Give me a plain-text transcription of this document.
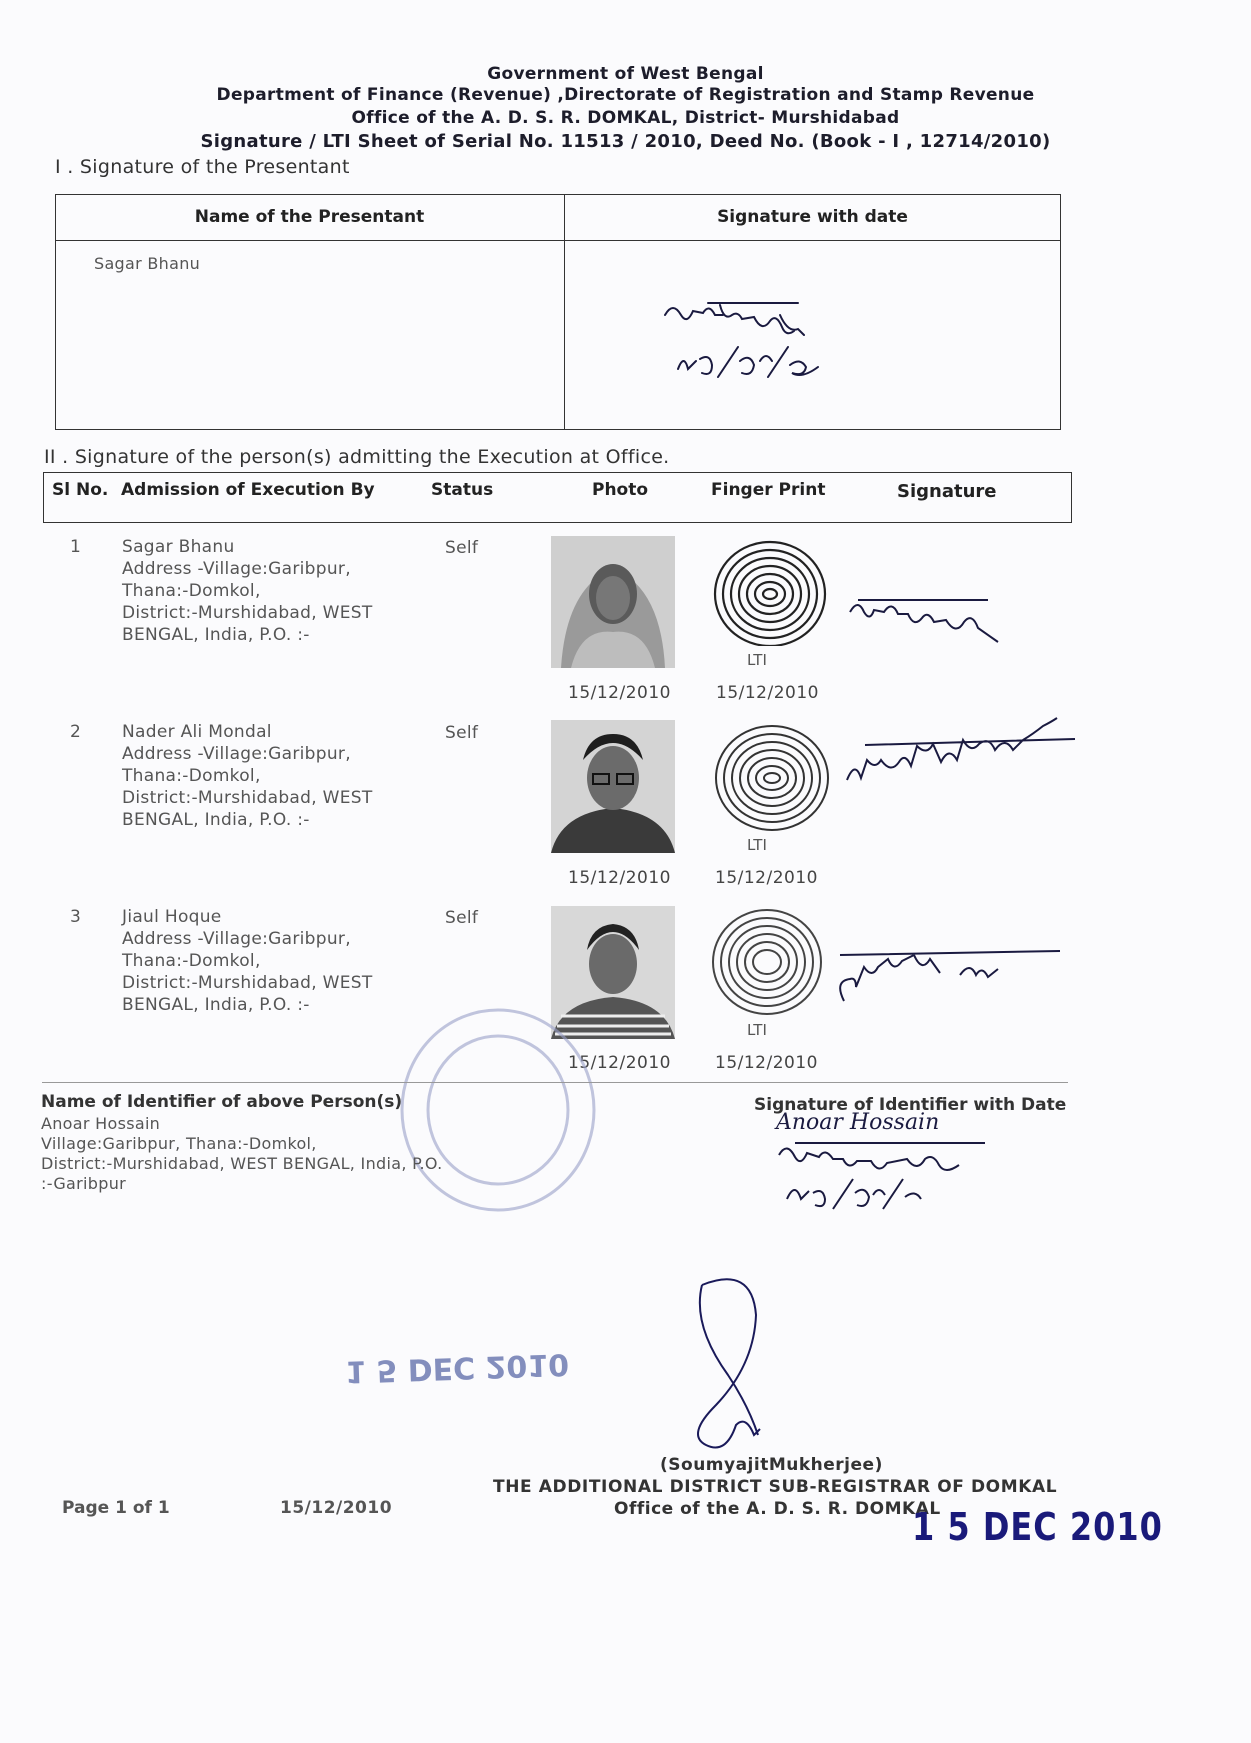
Government of West Bengal
Department of Finance (Revenue) ,Directorate of Registration and Stamp Revenue
Office of the A. D. S. R. DOMKAL, District- Murshidabad
Signature / LTI Sheet of Serial No. 11513 / 2010, Deed No. (Book - I , 12714/2010)
I . Signature of the Presentant
Name of the Presentant	Signature with date
Sagar Bhanu
II . Signature of the person(s) admitting the Execution at Office.
Sl No. Admission of Execution By	Status	Photo	Finger Print	Signature
1 Sagar Bhanu
Address -Village:Garibpur,
Thana:-Domkol,
District:-Murshidabad, WEST
BENGAL, India, P.O. :-
Self
LTI
15/12/2010	15/12/2010
2 Nader Ali Mondal
Address -Village:Garibpur,
Thana:-Domkol,
District:-Murshidabad, WEST
BENGAL, India, P.O. :-
Self
LTI
15/12/2010	15/12/2010
3 Jiaul Hoque
Address -Village:Garibpur,
Thana:-Domkol,
District:-Murshidabad, WEST
BENGAL, India, P.O. :-
Self
LTI
15/12/2010	15/12/2010
Name of Identifier of above Person(s)
Anoar Hossain
Village:Garibpur, Thana:-Domkol,
District:-Murshidabad, WEST BENGAL, India, P.O.
:-Garibpur
Signature of Identifier with Date
Anoar Hossain
1 5 DEC 2010
(SoumyajitMukherjee)
THE ADDITIONAL DISTRICT SUB-REGISTRAR OF DOMKAL
Office of the A. D. S. R. DOMKAL
Page 1 of 1	15/12/2010	1 5 DEC 2010
